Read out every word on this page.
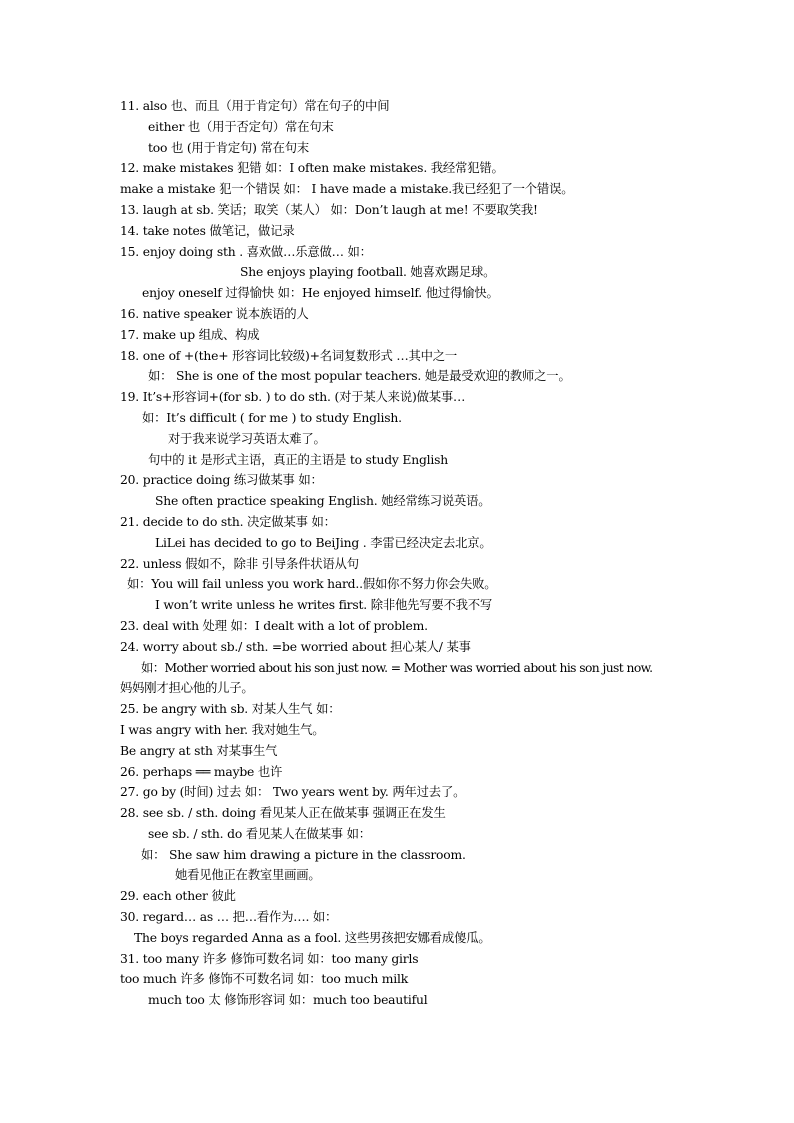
11. also 也、而且（用于肯定句）常在句子的中间
either 也（用于否定句）常在句末
too 也 (用于肯定句) 常在句末
12. make mistakes 犯错 如：I often make mistakes. 我经常犯错。
make a mistake 犯一个错误 如： I have made a mistake.我已经犯了一个错误。
13. laugh at sb. 笑话；取笑（某人） 如：Don’t laugh at me! 不要取笑我!
14. take notes 做笔记，做记录
15. enjoy doing sth . 喜欢做…乐意做… 如：
She enjoys playing football. 她喜欢踢足球。
enjoy oneself 过得愉快 如：He enjoyed himself. 他过得愉快。
16. native speaker 说本族语的人
17. make up 组成、构成
18. one of +(the+ 形容词比较级)+名词复数形式 …其中之一
如： She is one of the most popular teachers. 她是最受欢迎的教师之一。
19. It’s+形容词+(for sb. ) to do sth. (对于某人来说)做某事…
如：It’s difficult ( for me ) to study English.
对于我来说学习英语太难了。
句中的 it 是形式主语，真正的主语是 to study English
20. practice doing 练习做某事 如：
She often practice speaking English. 她经常练习说英语。
21. decide to do sth. 决定做某事 如：
LiLei has decided to go to BeiJing . 李雷已经决定去北京。
22. unless 假如不，除非 引导条件状语从句
如：You will fail unless you work hard..假如你不努力你会失败。
I won’t write unless he writes first. 除非他先写要不我不写
23. deal with 处理 如：I dealt with a lot of problem.
24. worry about sb./ sth. =be worried about 担心某人/ 某事
如：Mother worried about his son just now. = Mother was worried about his son just now.
妈妈刚才担心他的儿子。
25. be angry with sb. 对某人生气 如：
I was angry with her. 我对她生气。
Be angry at sth 对某事生气
26. perhaps ══ maybe 也许
27. go by (时间) 过去 如： Two years went by. 两年过去了。
28. see sb. / sth. doing 看见某人正在做某事 强调正在发生
see sb. / sth. do 看见某人在做某事 如：
如： She saw him drawing a picture in the classroom.
她看见他正在教室里画画。
29. each other 彼此
30. regard… as … 把…看作为…. 如：
The boys regarded Anna as a fool. 这些男孩把安娜看成傻瓜。
31. too many 许多 修饰可数名词 如：too many girls
too much 许多 修饰不可数名词 如：too much milk
much too 太 修饰形容词 如：much too beautiful
